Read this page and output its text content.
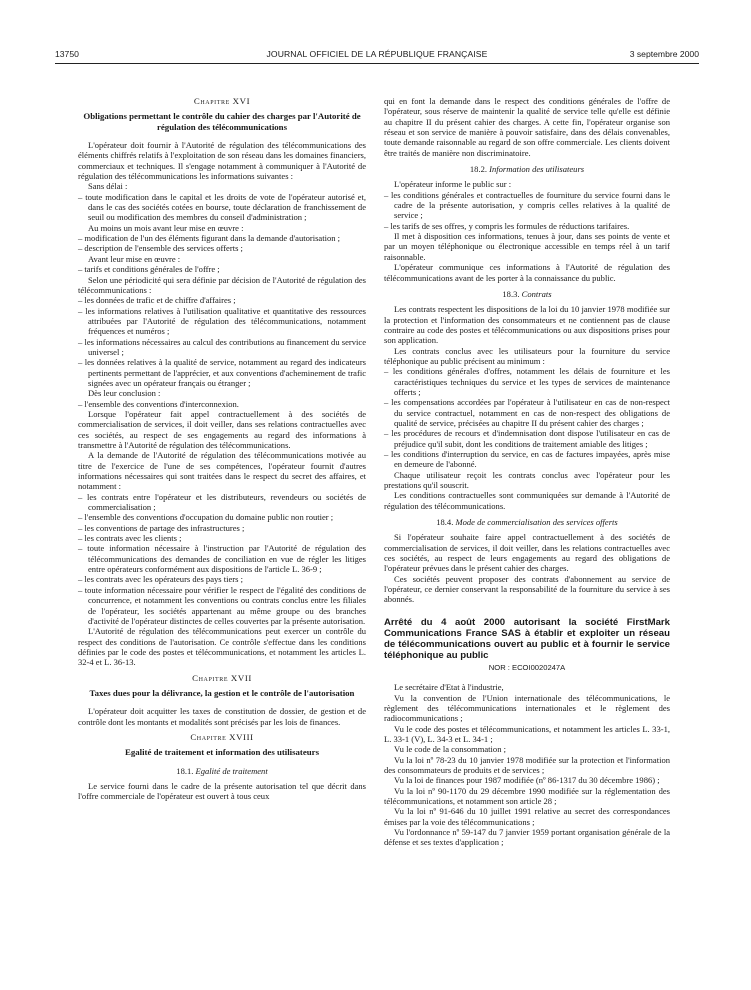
13750	JOURNAL OFFICIEL DE LA RÉPUBLIQUE FRANÇAISE	3 septembre 2000
Chapitre XVI
Obligations permettant le contrôle du cahier des charges par l'Autorité de régulation des télécommunications

L'opérateur doit fournir à l'Autorité de régulation des télécommunications des éléments chiffrés relatifs à l'exploitation de son réseau dans les domaines financiers, commerciaux et techniques. Il s'engage notamment à communiquer à l'Autorité de régulation des télécommunications les informations suivantes :

Sans délai :

– toute modification dans le capital et les droits de vote de l'opérateur autorisé et, dans le cas des sociétés cotées en bourse, toute déclaration de franchissement de seuil ou modification des membres du conseil d'administration ;

Au moins un mois avant leur mise en œuvre :

– modification de l'un des éléments figurant dans la demande d'autorisation ;

– description de l'ensemble des services offerts ;

Avant leur mise en œuvre :

– tarifs et conditions générales de l'offre ;

Selon une périodicité qui sera définie par décision de l'Autorité de régulation des télécommunications :

– les données de trafic et de chiffre d'affaires ;

– les informations relatives à l'utilisation qualitative et quantitative des ressources attribuées par l'Autorité de régulation des télécommunications, notamment fréquences et numéros ;

– les informations nécessaires au calcul des contributions au financement du service universel ;

– les données relatives à la qualité de service, notamment au regard des indicateurs pertinents permettant de l'apprécier, et aux conventions d'acheminement de trafic signées avec un opérateur français ou étranger ;

Dès leur conclusion :

– l'ensemble des conventions d'interconnexion.

Lorsque l'opérateur fait appel contractuellement à des sociétés de commercialisation de services, il doit veiller, dans ses relations contractuelles avec ces sociétés, au respect de ses engagements au regard des informations à transmettre à l'Autorité de régulation des télécommunications.

A la demande de l'Autorité de régulation des télécommunications motivée au titre de l'exercice de l'une de ses compétences, l'opérateur fournit d'autres informations nécessaires qui sont traitées dans le respect du secret des affaires, et notamment :

– les contrats entre l'opérateur et les distributeurs, revendeurs ou sociétés de commercialisation ;

– l'ensemble des conventions d'occupation du domaine public non routier ;

– les conventions de partage des infrastructures ;

– les contrats avec les clients ;

– toute information nécessaire à l'instruction par l'Autorité de régulation des télécommunications des demandes de conciliation en vue de régler les litiges entre opérateurs conformément aux dispositions de l'article L. 36-9 ;

– les contrats avec les opérateurs des pays tiers ;

– toute information nécessaire pour vérifier le respect de l'égalité des conditions de concurrence, et notamment les conventions ou contrats conclus entre les filiales de l'opérateur, les sociétés appartenant au même groupe ou des branches d'activité de l'opérateur distinctes de celles couvertes par la présente autorisation.

L'Autorité de régulation des télécommunications peut exercer un contrôle du respect des conditions de l'autorisation. Ce contrôle s'effectue dans les conditions définies par le code des postes et télécommunications, et notamment les articles L. 32-4 et L. 36-13.

Chapitre XVII
Taxes dues pour la délivrance, la gestion et le contrôle de l'autorisation

L'opérateur doit acquitter les taxes de constitution de dossier, de gestion et de contrôle dont les montants et modalités sont précisés par les lois de finances.

Chapitre XVIII
Egalité de traitement et information des utilisateurs
18.1. Egalité de traitement

Le service fourni dans le cadre de la présente autorisation tel que décrit dans l'offre commerciale de l'opérateur est ouvert à tous ceux

qui en font la demande dans le respect des conditions générales de l'offre de l'opérateur, sous réserve de maintenir la qualité de service telle qu'elle est définie au chapitre II du présent cahier des charges. A cette fin, l'opérateur organise son réseau et son service de manière à pouvoir satisfaire, dans des délais convenables, toute demande raisonnable au regard de son offre commerciale. Les clients doivent être traités de manière non discriminatoire.

18.2. Information des utilisateurs

L'opérateur informe le public sur :

– les conditions générales et contractuelles de fourniture du service fourni dans le cadre de la présente autorisation, y compris celles relatives à la qualité de service ;

– les tarifs de ses offres, y compris les formules de réductions tarifaires.

Il met à disposition ces informations, tenues à jour, dans ses points de vente et par un moyen téléphonique ou électronique accessible en temps réel à un tarif raisonnable.

L'opérateur communique ces informations à l'Autorité de régulation des télécommunications avant de les porter à la connaissance du public.

18.3. Contrats

Les contrats respectent les dispositions de la loi du 10 janvier 1978 modifiée sur la protection et l'information des consommateurs et ne contiennent pas de clause contraire au code des postes et télécommunications ou aux dispositions prises pour son application.

Les contrats conclus avec les utilisateurs pour la fourniture du service téléphonique au public précisent au minimum :

– les conditions générales d'offres, notamment les délais de fourniture et les caractéristiques techniques du service et les types de services de maintenance offerts ;

– les compensations accordées par l'opérateur à l'utilisateur en cas de non-respect du service contractuel, notamment en cas de non-respect des obligations de qualité de service, précisées au chapitre II du présent cahier des charges ;

– les procédures de recours et d'indemnisation dont dispose l'utilisateur en cas de préjudice qu'il subit, dont les conditions de traitement amiable des litiges ;

– les conditions d'interruption du service, en cas de factures impayées, après mise en demeure de l'abonné.

Chaque utilisateur reçoit les contrats conclus avec l'opérateur pour les prestations qu'il souscrit.

Les conditions contractuelles sont communiquées sur demande à l'Autorité de régulation des télécommunications.

18.4. Mode de commercialisation des services offerts

Si l'opérateur souhaite faire appel contractuellement à des sociétés de commercialisation de services, il doit veiller, dans les relations contractuelles avec ces sociétés, au respect de leurs engagements au regard des obligations de l'opérateur prévues dans le présent cahier des charges.

Ces sociétés peuvent proposer des contrats d'abonnement au service de l'opérateur, ce dernier conservant la responsabilité de la fourniture du service à ses abonnés.

Arrêté du 4 août 2000 autorisant la société FirstMark Communications France SAS à établir et exploiter un réseau de télécommunications ouvert au public et à fournir le service téléphonique au public
NOR : ECOI0020247A

Le secrétaire d'Etat à l'industrie,

Vu la convention de l'Union internationale des télécommunications, le règlement des télécommunications internationales et le règlement des radiocommunications ;

Vu le code des postes et télécommunications, et notamment les articles L. 33-1, L. 33-1 (V), L. 34-3 et L. 34-1 ;

Vu le code de la consommation ;

Vu la loi nº 78-23 du 10 janvier 1978 modifiée sur la protection et l'information des consommateurs de produits et de services ;

Vu la loi de finances pour 1987 modifiée (nº 86-1317 du 30 décembre 1986) ;

Vu la loi nº 90-1170 du 29 décembre 1990 modifiée sur la réglementation des télécommunications, et notamment son article 28 ;

Vu la loi nº 91-646 du 10 juillet 1991 relative au secret des correspondances émises par la voie des télécommunications ;

Vu l'ordonnance nº 59-147 du 7 janvier 1959 portant organisation générale de la défense et ses textes d'application ;
